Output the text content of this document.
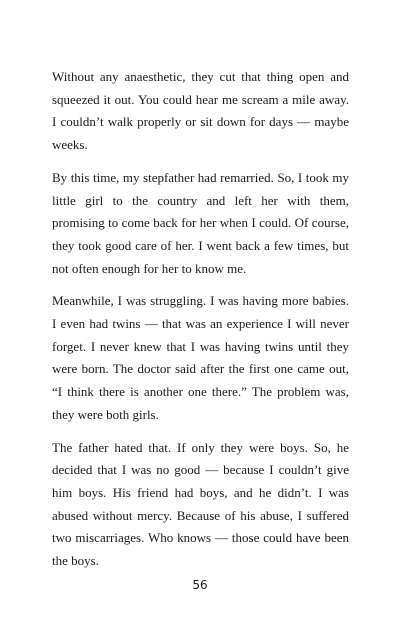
Without any anaesthetic, they cut that thing open and squeezed it out. You could hear me scream a mile away. I couldn’t walk properly or sit down for days — maybe weeks.

By this time, my stepfather had remarried. So, I took my little girl to the country and left her with them, promising to come back for her when I could. Of course, they took good care of her. I went back a few times, but not often enough for her to know me.

Meanwhile, I was struggling. I was having more babies. I even had twins — that was an experience I will never forget. I never knew that I was having twins until they were born. The doctor said after the first one came out, “I think there is another one there.” The problem was, they were both girls.

The father hated that. If only they were boys. So, he decided that I was no good — because I couldn’t give him boys. His friend had boys, and he didn’t. I was abused without mercy. Because of his abuse, I suffered two miscarriages. Who knows — those could have been the boys.

56
